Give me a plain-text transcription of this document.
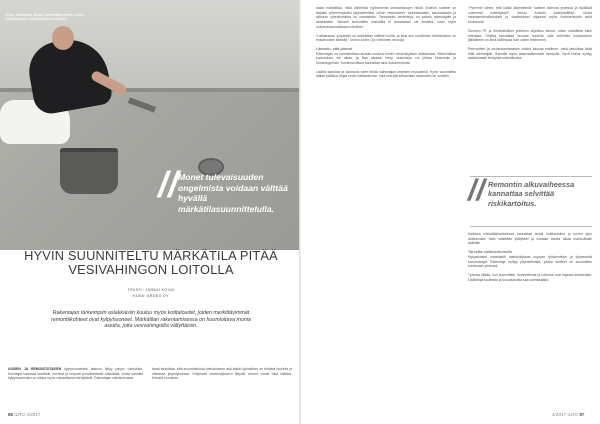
Kuvan kohteessa hiotaan betonilattia ennen uuden laatoituksen ja vesieristyksen tekemistä.
// Monet tulevaisuuden ongelmista voidaan välttää hyvällä märkätilasuunnittelulla.
HYVIN SUUNNITELTU MÄRKÄTILA PITÄÄ VESIVAHINGON LOITOLLA
TEKSTI: JARMO KOIVA
KUVA: ARDEX OY
Rakentajan tärkeimpiin asiakkaisiin kuuluu myös kotitaloudet, joiden merkittävimmät remonttikohteet ovat kylpyhuoneet. Märkätilan rakentamisessa on huomioitava monia asioita, jotta vesivahingoilta vältyttäisiin.

UUSIEN JA REMONTOITAVIEN kylpyhuoneiden laatuun liittyy paljon odotuksia. Kuluttajat haluavat kestävät, toimivat ja helposti puhdistettavat märkätilat, mutta samalla kylpyhuoneiden on oltava myös visuaalisesti miellyttäviä. Rakentajan näkökulmasta

tämä tarkoittaa, että suunnittelusta toteutukseen asti kaikki työvaiheet on tehtävä huolella ja oikeassa järjestyksessä. Erityisesti vesieristykseen liittyvät virheet voivat tulla kalliiksi. Kiinnitä huomiota

86 ILRO 4/2017

kasta märkätilaa, mikä vähentää myöhemmin vesivahinkojen riskiä. Ardexin tuotteet on testattu yhteensopiviksi järjestelmäksi, jolloin vesieristeen, tartuntalaastin, saumalaastin ja silikonin yhteistoiminta on varmistettu. Tarkastettu vesieristys on selkeä rakentajalle ja asiakkaalle. Tarkasti suunniteltu märkätila ei ainoastaan ole kestävä, vaan myös hoitokustannuksiltaan edullinen.

"Lattiakaivon ympäristö on märkätilan kriittisin kohta, ja siksi sen huolellinen tiivistäminen on ensiarvoisen tärkeää", kertoo Ardex Oy:n tekninen neuvoja.

Lämmin, että pinnat

Rakentajan on varmistettava alustan kuivuus ennen vesieristyksen aloittamista. Betonilattian kuivuminen vie aikaa, ja liian aikaisin tehty vesieristys voi johtaa irtoamisiin ja homeongelmiin. Kosteusmittaus kannattaa aina dokumentoida.

Lisäksi laatoitus ja saumaus tulee tehdä valmistajan ohjeiden mukaisesti. Hyvin suunniteltu lattian kallistus ohjaa veden lattiakaivoon, eikä vesi jää seisomaan saumoihin tai nurkkiin.

"Pyrimme siihen, että kaikki järjestelmän tuotteet toimivat yhdessä ja täyttävät uusimmat määräykset", kertoo Ardexin tuotepäällikkö. Uudet rakentamismääräykset ja vaatimukset ohjaavat myös tuotekehitystä sekä koulutusta.

Suomen RT ja Kiinteistöliiton yhteinen ohjeistus kertoo, miten märkätilat tulee toteuttaa. Ohjeita kannattaa seurata huolella, sillä virheiden korjaaminen jälkikäteen on aina kalliimpaa kuin oikein tekeminen.

Remonttien ja uudisrakentamisen määrä kasvaa edelleen, mikä tarkoittaa lisää töitä rakentajille. Samalla myös laatuvaatimukset kiristyvät. Hyvä maine syntyy laadukkaasti tehdyistä märkätiloista.

// Remontin alkuvaiheessa kannattaa selvittää riskikartoitus.

Kaikissa märkätilahankkeissa kannattaa tehdä riskikartoitus jo ennen työn aloittamista. Näin vältetään yllätykset ja voidaan varata aikaa mahdollisille lisätöille.

Tarvetta vaihtoehtoiselle

Nykyaikaiset materiaalit mahdollistavat sujuvan työskentelyn ja lyhyemmät kuivumisajat. Rakentaja hyötyy järjestelmistä, joiden tuotteet on suunniteltu toimimaan yhdessä.

Työmaa kiittää, kun suunnittelu, tuotevalinnat ja toteutus ovat linjassa keskenään. Lisätietoja tuotteista ja koulutuksista saa valmistajalta.

4/2017 ILRO 87
